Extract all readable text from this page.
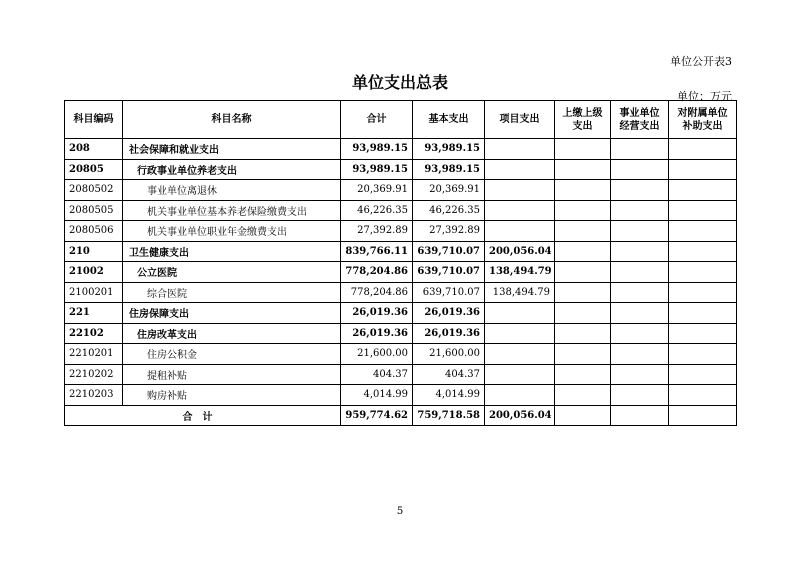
单位公开表3
单位支出总表
单位：万元
科目编码	科目名称	合计	基本支出	项目支出	上缴上级支出	事业单位经营支出	对附属单位补助支出
208	社会保障和就业支出	93,989.15	93,989.15				
20805	行政事业单位养老支出	93,989.15	93,989.15				
2080502	事业单位离退休	20,369.91	20,369.91				
2080505	机关事业单位基本养老保险缴费支出	46,226.35	46,226.35				
2080506	机关事业单位职业年金缴费支出	27,392.89	27,392.89				
210	卫生健康支出	839,766.11	639,710.07	200,056.04			
21002	公立医院	778,204.86	639,710.07	138,494.79			
2100201	综合医院	778,204.86	639,710.07	138,494.79			
221	住房保障支出	26,019.36	26,019.36				
22102	住房改革支出	26,019.36	26,019.36				
2210201	住房公积金	21,600.00	21,600.00				
2210202	提租补贴	404.37	404.37				
2210203	购房补贴	4,014.99	4,014.99				
合计		959,774.62	759,718.58	200,056.04			
5
